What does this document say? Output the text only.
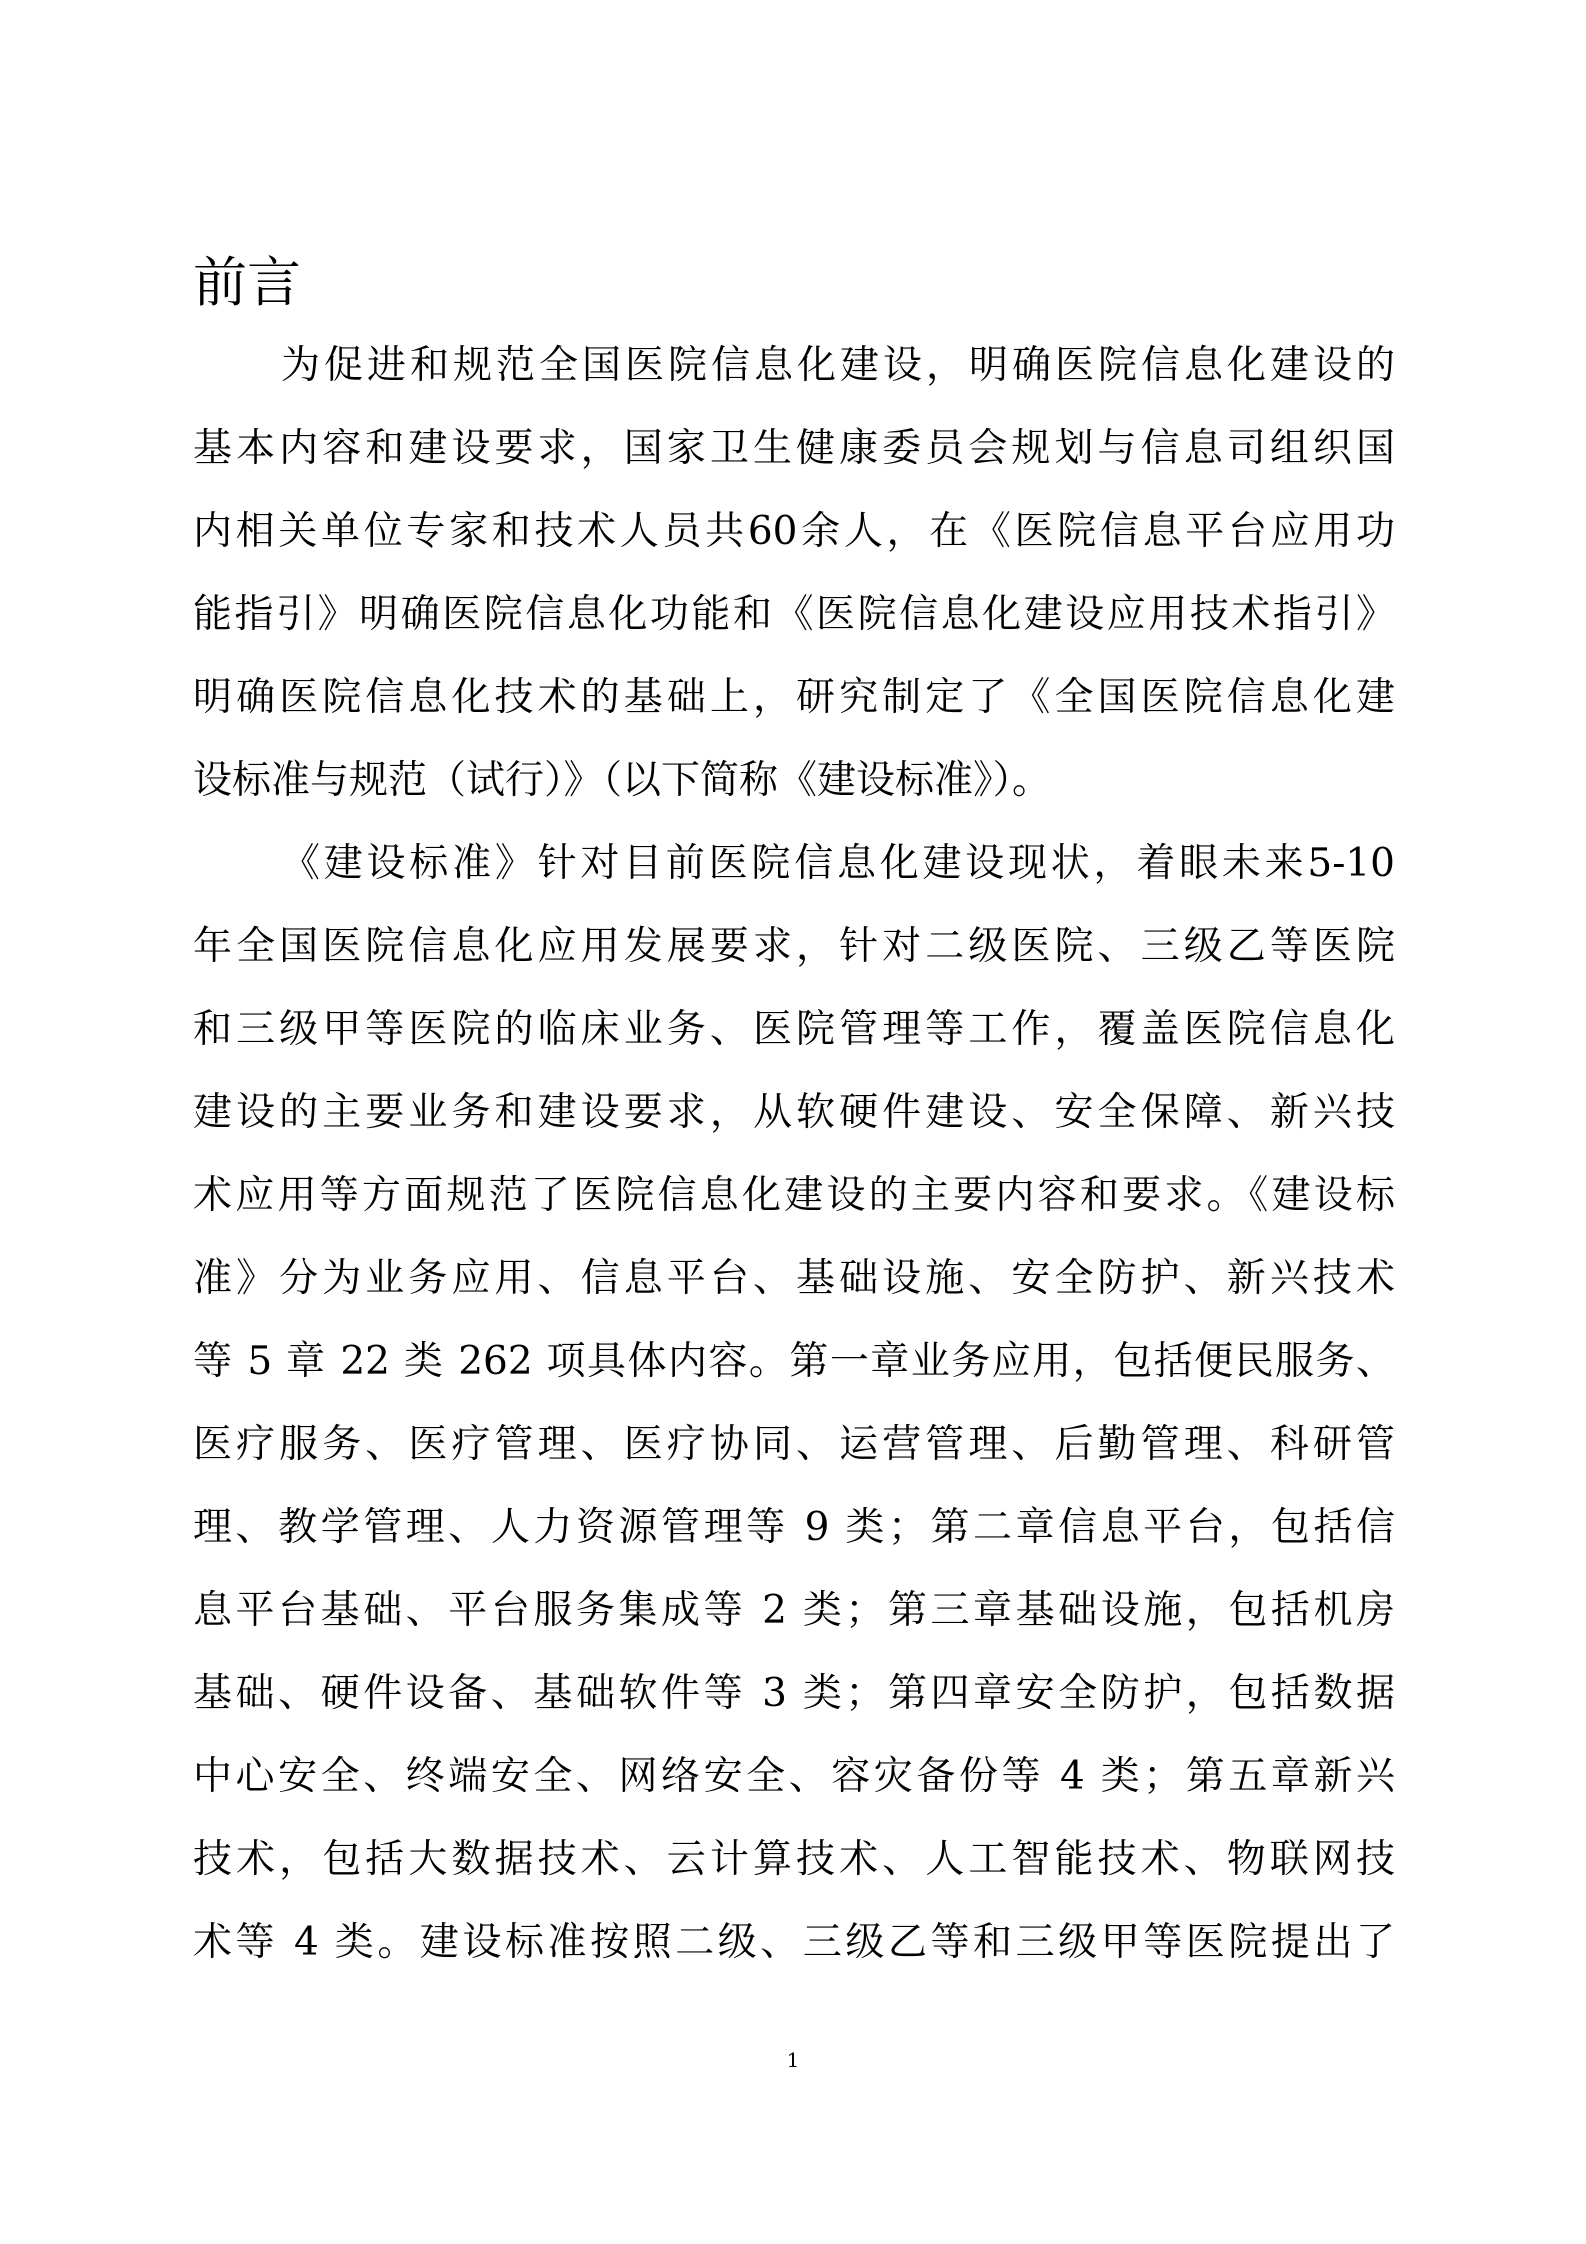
前言
为促进和规范全国医院信息化建设，明确医院信息化建设的
基本内容和建设要求，国家卫生健康委员会规划与信息司组织国
内相关单位专家和技术人员共60余人，在《医院信息平台应用功
能指引》明确医院信息化功能和《医院信息化建设应用技术指引》
明确医院信息化技术的基础上，研究制定了《全国医院信息化建
设标准与规范（试行）》（以下简称《建设标准》）。
《建设标准》针对目前医院信息化建设现状，着眼未来5-10
年全国医院信息化应用发展要求，针对二级医院、三级乙等医院
和三级甲等医院的临床业务、医院管理等工作，覆盖医院信息化
建设的主要业务和建设要求，从软硬件建设、安全保障、新兴技
术应用等方面规范了医院信息化建设的主要内容和要求。《建设标
准》分为业务应用、信息平台、基础设施、安全防护、新兴技术
等 5 章 22 类 262 项具体内容。第一章业务应用，包括便民服务、
医疗服务、医疗管理、医疗协同、运营管理、后勤管理、科研管
理、教学管理、人力资源管理等 9 类；第二章信息平台，包括信
息平台基础、平台服务集成等 2 类；第三章基础设施，包括机房
基础、硬件设备、基础软件等 3 类；第四章安全防护，包括数据
中心安全、终端安全、网络安全、容灾备份等 4 类；第五章新兴
技术，包括大数据技术、云计算技术、人工智能技术、物联网技
术等 4 类。建设标准按照二级、三级乙等和三级甲等医院提出了
1
